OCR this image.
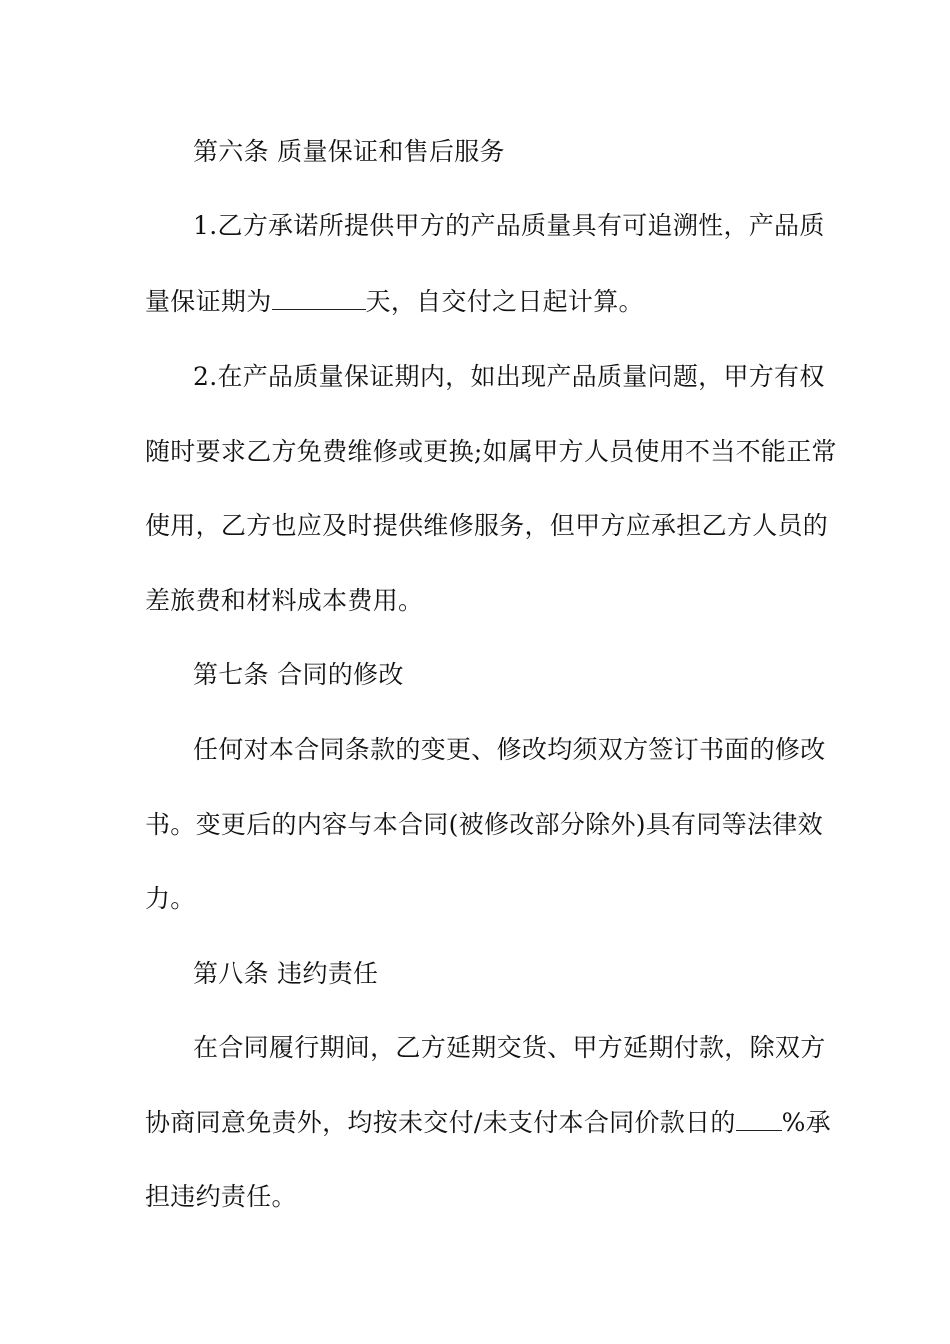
第六条 质量保证和售后服务
1.乙方承诺所提供甲方的产品质量具有可追溯性，产品质
量保证期为	天，自交付之日起计算。
2.在产品质量保证期内，如出现产品质量问题，甲方有权
随时要求乙方免费维修或更换;如属甲方人员使用不当不能正常
使用，乙方也应及时提供维修服务，但甲方应承担乙方人员的
差旅费和材料成本费用。
第七条 合同的修改
任何对本合同条款的变更、修改均须双方签订书面的修改
书。变更后的内容与本合同(被修改部分除外)具有同等法律效
力。
第八条 违约责任
在合同履行期间，乙方延期交货、甲方延期付款，除双方
协商同意免责外，均按未交付/未支付本合同价款日的 %承
担违约责任。
